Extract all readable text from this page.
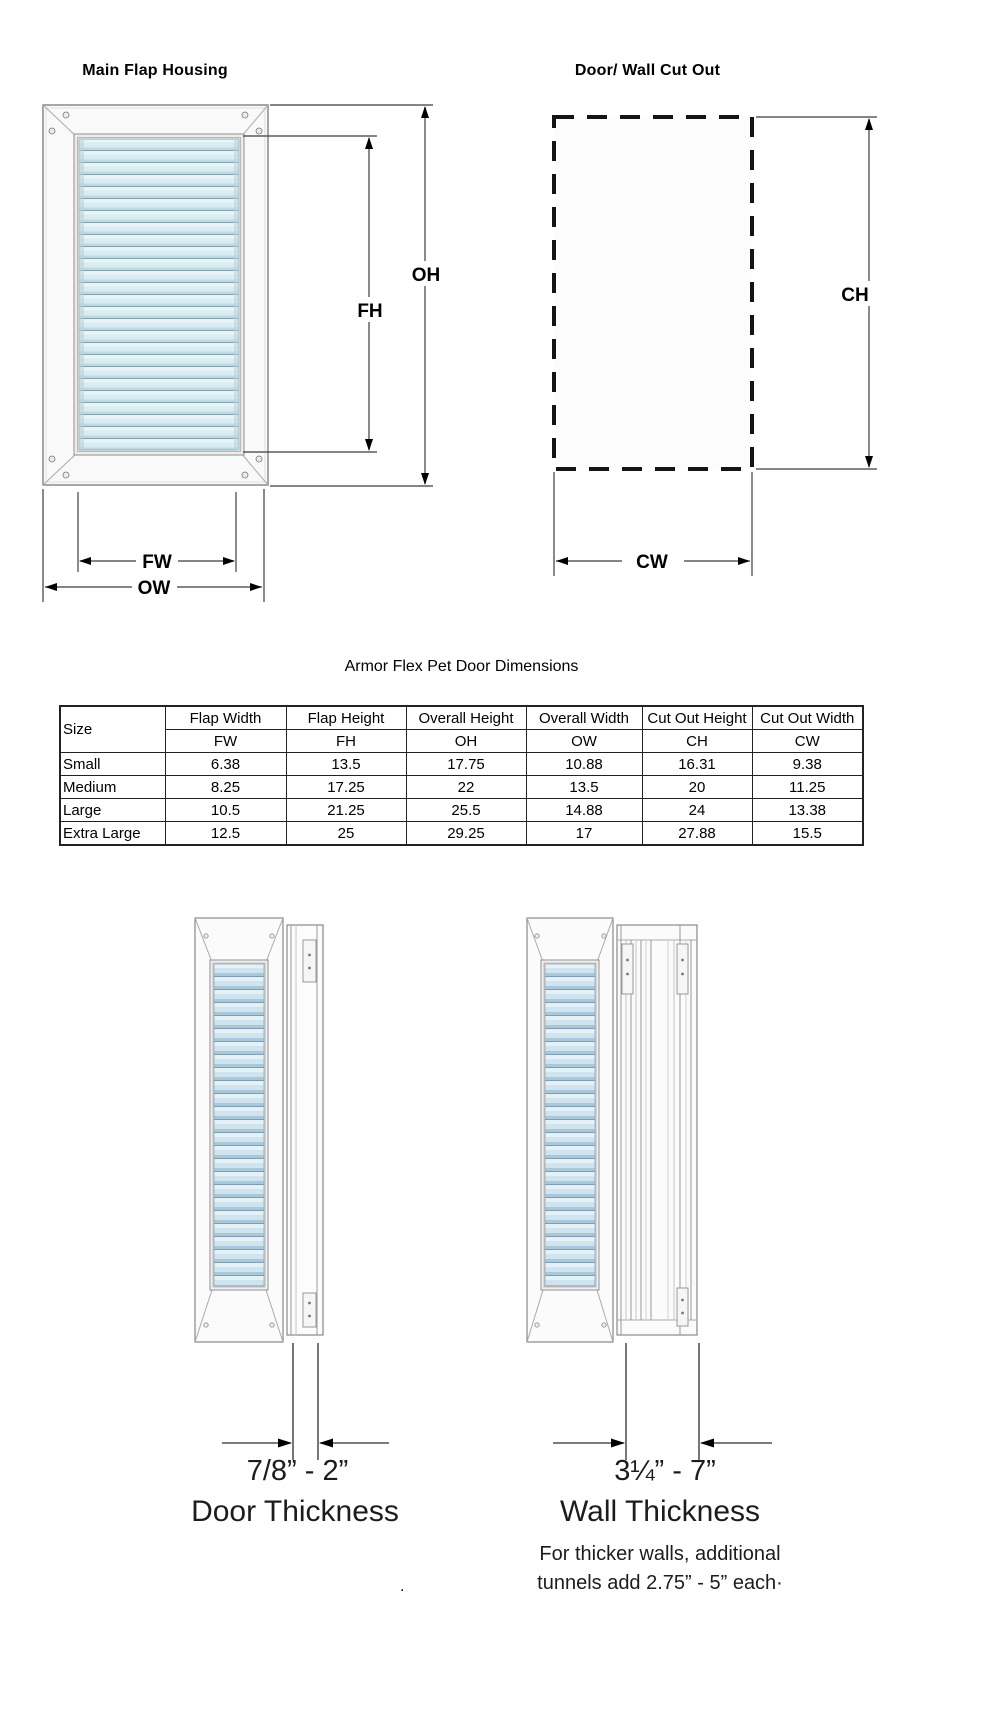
Main Flap Housing	Door/ Wall Cut Out
OH
FH
FW
OW
CH
CW
Armor Flex Pet Door Dimensions
Size	Flap Width	Flap Height	Overall Height	Overall Width	Cut Out Height	Cut Out Width
	FW	FH	OH	OW	CH	CW
Small	6.38	13.5	17.75	10.88	16.31	9.38
Medium	8.25	17.25	22	13.5	20	11.25
Large	10.5	21.25	25.5	14.88	24	13.38
Extra Large	12.5	25	29.25	17	27.88	15.5
7/8” - 2”
Door Thickness
3¼” - 7”
Wall Thickness
For thicker walls, additional
tunnels add 2.75” - 5” each·
.
